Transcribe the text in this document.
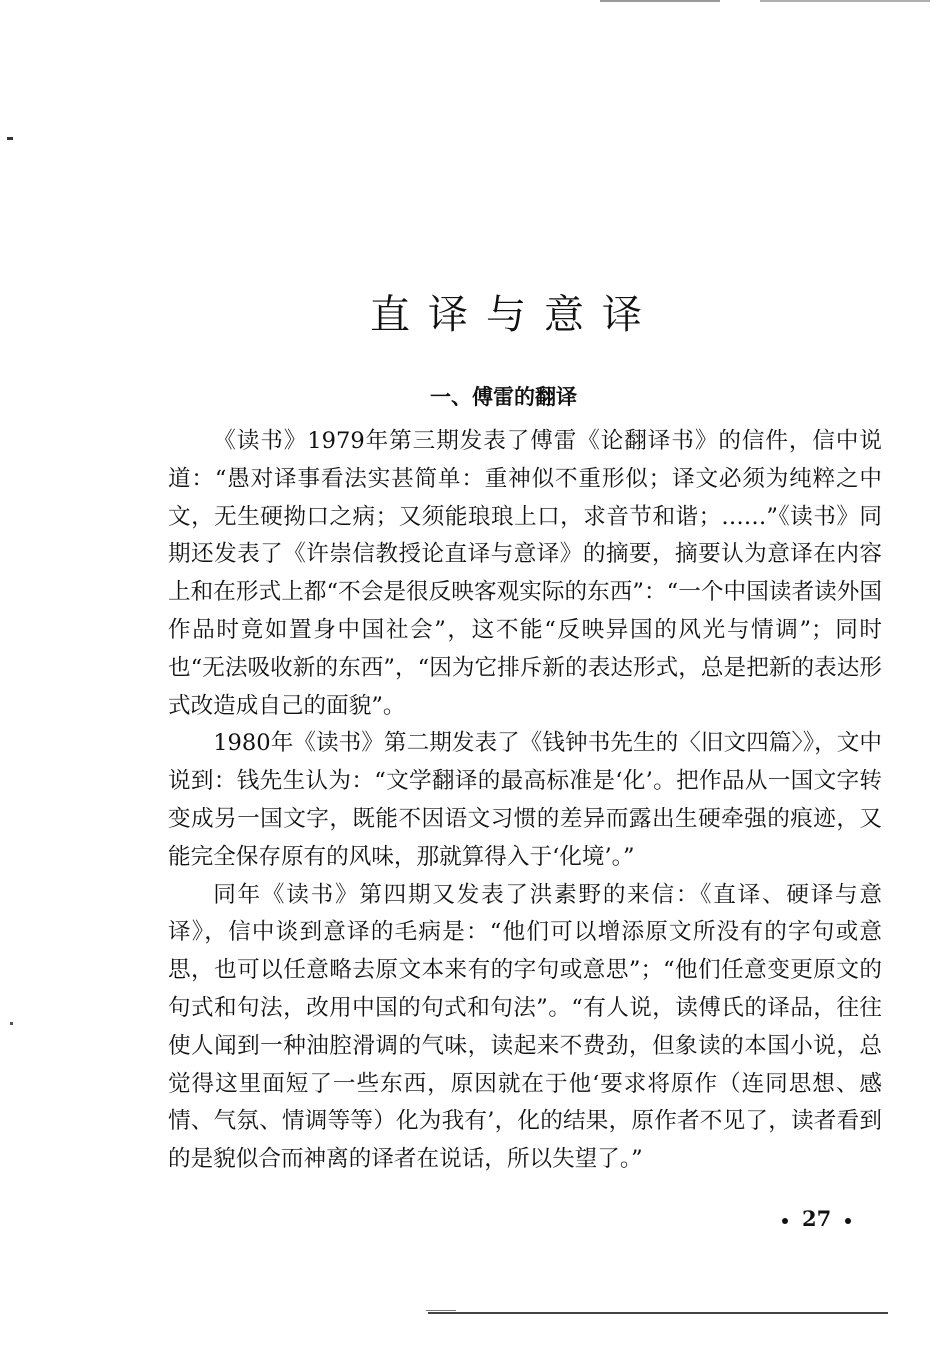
直译与意译
一、傅雷的翻译

《读书》1979年第三期发表了傅雷《论翻译书》的信件，信中说道：“愚对译事看法实甚简单：重神似不重形似；译文必须为纯粹之中文，无生硬拗口之病；又须能琅琅上口，求音节和谐；……”《读书》同期还发表了《许崇信教授论直译与意译》的摘要，摘要认为意译在内容上和在形式上都“不会是很反映客观实际的东西”：“一个中国读者读外国作品时竟如置身中国社会”，这不能“反映异国的风光与情调”；同时也“无法吸收新的东西”，“因为它排斥新的表达形式，总是把新的表达形式改造成自己的面貌”。

1980年《读书》第二期发表了《钱钟书先生的〈旧文四篇〉》，文中说到：钱先生认为：“文学翻译的最高标准是‘化’。把作品从一国文字转变成另一国文字，既能不因语文习惯的差异而露出生硬牵强的痕迹，又能完全保存原有的风味，那就算得入于‘化境’。”

同年《读书》第四期又发表了洪素野的来信：《直译、硬译与意译》，信中谈到意译的毛病是：“他们可以增添原文所没有的字句或意思，也可以任意略去原文本来有的字句或意思”；“他们任意变更原文的句式和句法，改用中国的句式和句法”。“有人说，读傅氏的译品，往往使人闻到一种油腔滑调的气味，读起来不费劲，但象读的本国小说，总觉得这里面短了一些东西，原因就在于他‘要求将原作（连同思想、感情、气氛、情调等等）化为我有’，化的结果，原作者不见了，读者看到的是貌似合而神离的译者在说话，所以失望了。”

27
